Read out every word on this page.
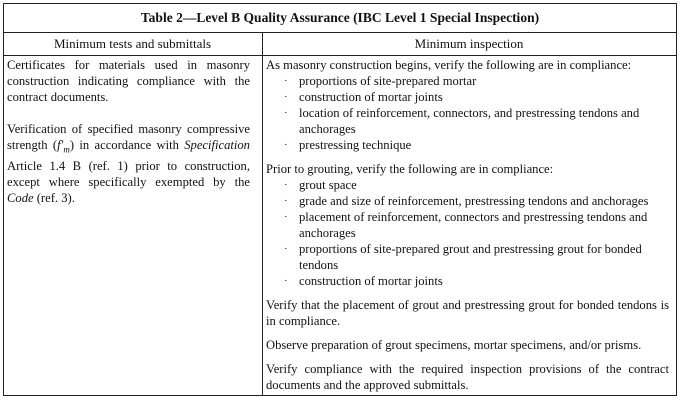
Table 2—Level B Quality Assurance (IBC Level 1 Special Inspection)
Minimum tests and submittals	Minimum inspection

Certificates for materials used in masonry construction indicating compliance with the contract documents.

Verification of specified masonry compressive strength $(f'_m)$ in accordance with Specification Article 1.4 B (ref. 1) prior to construction, except where specifically exempted by the Code (ref. 3).

As masonry construction begins, verify the following are in compliance:
· proportions of site-prepared mortar
· construction of mortar joints
· location of reinforcement, connectors, and prestressing tendons and anchorages
· prestressing technique
Prior to grouting, verify the following are in compliance:
· grout space
· grade and size of reinforcement, prestressing tendons and anchorages
· placement of reinforcement, connectors and prestressing tendons and anchorages
· proportions of site-prepared grout and prestressing grout for bonded tendons
· construction of mortar joints
Verify that the placement of grout and prestressing grout for bonded tendons is in compliance.
Observe preparation of grout specimens, mortar specimens, and/or prisms.
Verify compliance with the required inspection provisions of the contract documents and the approved submittals.
